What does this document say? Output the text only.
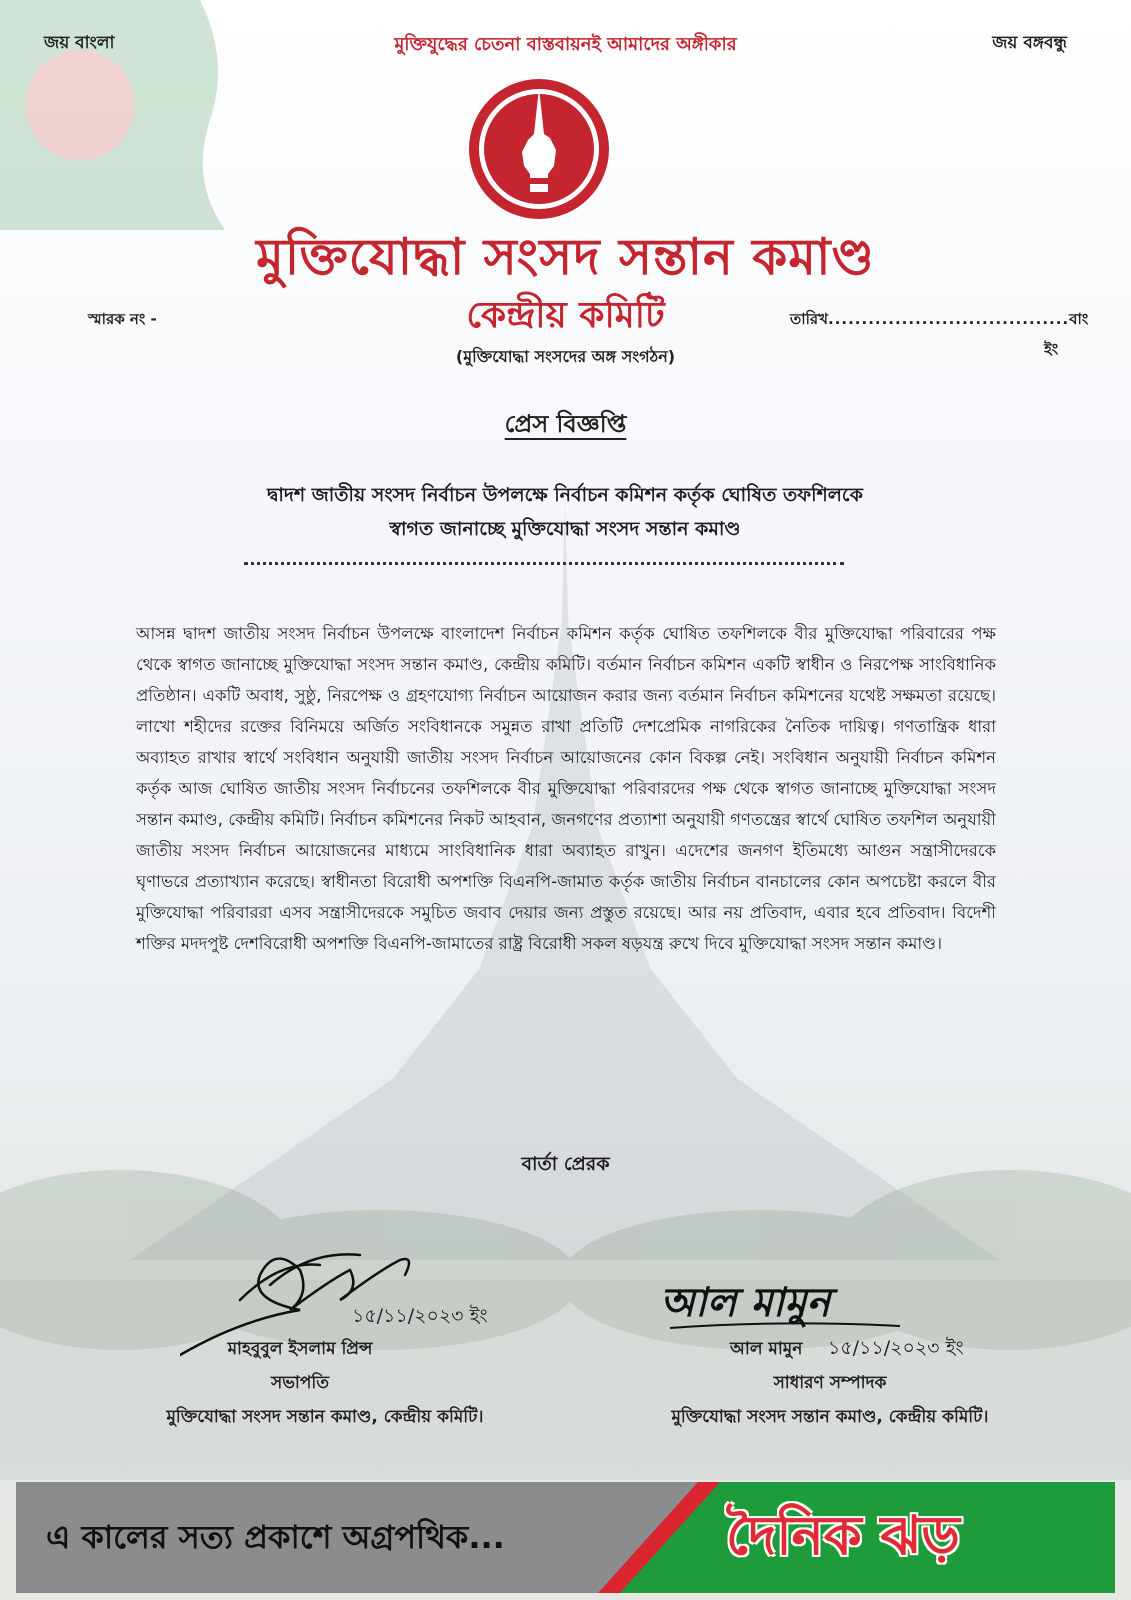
জয় বাংলা	মুক্তিযুদ্ধের চেতনা বাস্তবায়নই আমাদের অঙ্গীকার	জয় বঙ্গবন্ধু
মুক্তিযোদ্ধা সংসদ সন্তান কমাণ্ড
কেন্দ্রীয় কমিটি
(মুক্তিযোদ্ধা সংসদের অঙ্গ সংগঠন)
স্মারক নং -	তারিখ....................................বাং
ইং
প্রেস বিজ্ঞপ্তি
দ্বাদশ জাতীয় সংসদ নির্বাচন উপলক্ষে নির্বাচন কমিশন কর্তৃক ঘোষিত তফশিলকে
স্বাগত জানাচ্ছে মুক্তিযোদ্ধা সংসদ সন্তান কমাণ্ড
আসন্ন দ্বাদশ জাতীয় সংসদ নির্বাচন উপলক্ষে বাংলাদেশ নির্বাচন কমিশন কর্তৃক ঘোষিত তফশিলকে বীর মুক্তিযোদ্ধা পরিবারের পক্ষ থেকে স্বাগত জানাচ্ছে মুক্তিযোদ্ধা সংসদ সন্তান কমাণ্ড, কেন্দ্রীয় কমিটি। বর্তমান নির্বাচন কমিশন একটি স্বাধীন ও নিরপেক্ষ সাংবিধানিক প্রতিষ্ঠান। একটি অবাধ, সুষ্ঠু, নিরপেক্ষ ও গ্রহণযোগ্য নির্বাচন আয়োজন করার জন্য বর্তমান নির্বাচন কমিশনের যথেষ্ট সক্ষমতা রয়েছে। লাখো শহীদের রক্তের বিনিময়ে অর্জিত সংবিধানকে সমুন্নত রাখা প্রতিটি দেশপ্রেমিক নাগরিকের নৈতিক দায়িত্ব। গণতান্ত্রিক ধারা অব্যাহত রাখার স্বার্থে সংবিধান অনুযায়ী জাতীয় সংসদ নির্বাচন আয়োজনের কোন বিকল্প নেই। সংবিধান অনুযায়ী নির্বাচন কমিশন কর্তৃক আজ ঘোষিত জাতীয় সংসদ নির্বাচনের তফশিলকে বীর মুক্তিযোদ্ধা পরিবারদের পক্ষ থেকে স্বাগত জানাচ্ছে মুক্তিযোদ্ধা সংসদ সন্তান কমাণ্ড, কেন্দ্রীয় কমিটি। নির্বাচন কমিশনের নিকট আহবান, জনগণের প্রত্যাশা অনুযায়ী গণতন্ত্রের স্বার্থে ঘোষিত তফশিল অনুযায়ী জাতীয় সংসদ নির্বাচন আয়োজনের মাধ্যমে সাংবিধানিক ধারা অব্যাহত রাখুন। এদেশের জনগণ ইতিমধ্যে আগুন সন্ত্রাসীদেরকে ঘৃণাভরে প্রত্যাখ্যান করেছে। স্বাধীনতা বিরোধী অপশক্তি বিএনপি-জামাত কর্তৃক জাতীয় নির্বাচন বানচালের কোন অপচেষ্টা করলে বীর মুক্তিযোদ্ধা পরিবাররা এসব সন্ত্রাসীদেরকে সমুচিত জবাব দেয়ার জন্য প্রস্তুত রয়েছে। আর নয় প্রতিবাদ, এবার হবে প্রতিবাদ। বিদেশী শক্তির মদদপুষ্ট দেশবিরোধী অপশক্তি বিএনপি-জামাতের রাষ্ট্র বিরোধী সকল ষড়যন্ত্র রুখে দিবে মুক্তিযোদ্ধা সংসদ সন্তান কমাণ্ড।
বার্তা প্রেরক
১৫/১১/২০২৩ ইং
মাহবুবুল ইসলাম প্রিন্স
সভাপতি
মুক্তিযোদ্ধা সংসদ সন্তান কমাণ্ড, কেন্দ্রীয় কমিটি।
আল মামুন
আল মামুন ১৫/১১/২০২৩ ইং
সাধারণ সম্পাদক
মুক্তিযোদ্ধা সংসদ সন্তান কমাণ্ড, কেন্দ্রীয় কমিটি।
এ কালের সত্য প্রকাশে অগ্রপথিক...	দৈনিক ঝড়
